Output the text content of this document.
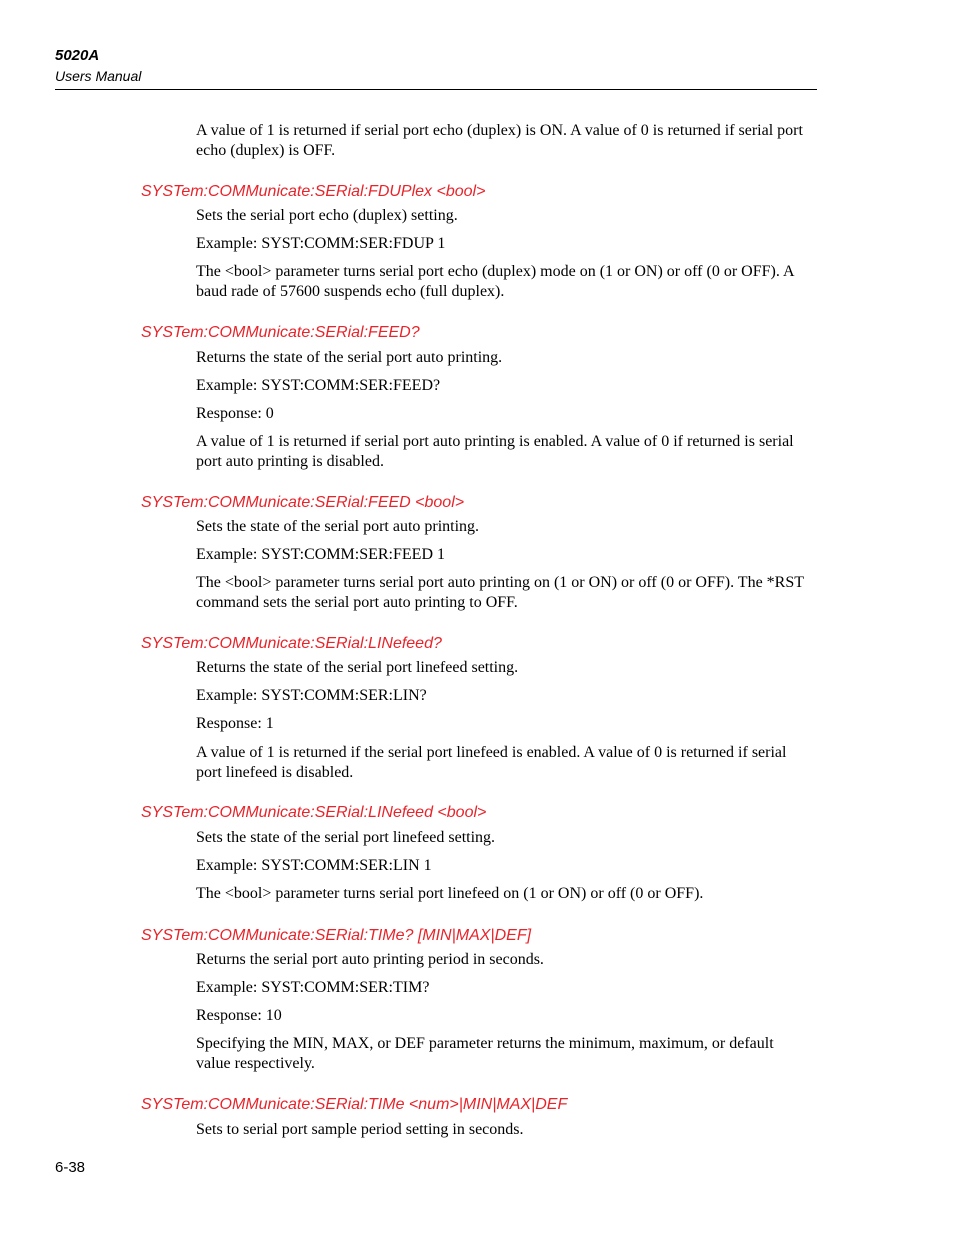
5020A
Users Manual
A value of 1 is returned if serial port echo (duplex) is ON. A value of 0 is returned if serial port echo (duplex) is OFF.
SYSTem:COMMunicate:SERial:FDUPlex <bool>
Sets the serial port echo (duplex) setting.
Example: SYST:COMM:SER:FDUP 1
The <bool> parameter turns serial port echo (duplex) mode on (1 or ON) or off (0 or OFF). A baud rade of 57600 suspends echo (full duplex).
SYSTem:COMMunicate:SERial:FEED?
Returns the state of the serial port auto printing.
Example: SYST:COMM:SER:FEED?
Response: 0
A value of 1 is returned if serial port auto printing is enabled. A value of 0 if returned is serial port auto printing is disabled.
SYSTem:COMMunicate:SERial:FEED <bool>
Sets the state of the serial port auto printing.
Example: SYST:COMM:SER:FEED 1
The <bool> parameter turns serial port auto printing on (1 or ON) or off (0 or OFF). The *RST command sets the serial port auto printing to OFF.
SYSTem:COMMunicate:SERial:LINefeed?
Returns the state of the serial port linefeed setting.
Example: SYST:COMM:SER:LIN?
Response: 1
A value of 1 is returned if the serial port linefeed is enabled. A value of 0 is returned if serial port linefeed is disabled.
SYSTem:COMMunicate:SERial:LINefeed <bool>
Sets the state of the serial port linefeed setting.
Example: SYST:COMM:SER:LIN 1
The <bool> parameter turns serial port linefeed on (1 or ON) or off (0 or OFF).
SYSTem:COMMunicate:SERial:TIMe? [MIN|MAX|DEF]
Returns the serial port auto printing period in seconds.
Example: SYST:COMM:SER:TIM?
Response: 10
Specifying the MIN, MAX, or DEF parameter returns the minimum, maximum, or default value respectively.
SYSTem:COMMunicate:SERial:TIMe <num>|MIN|MAX|DEF
Sets to serial port sample period setting in seconds.
6-38
